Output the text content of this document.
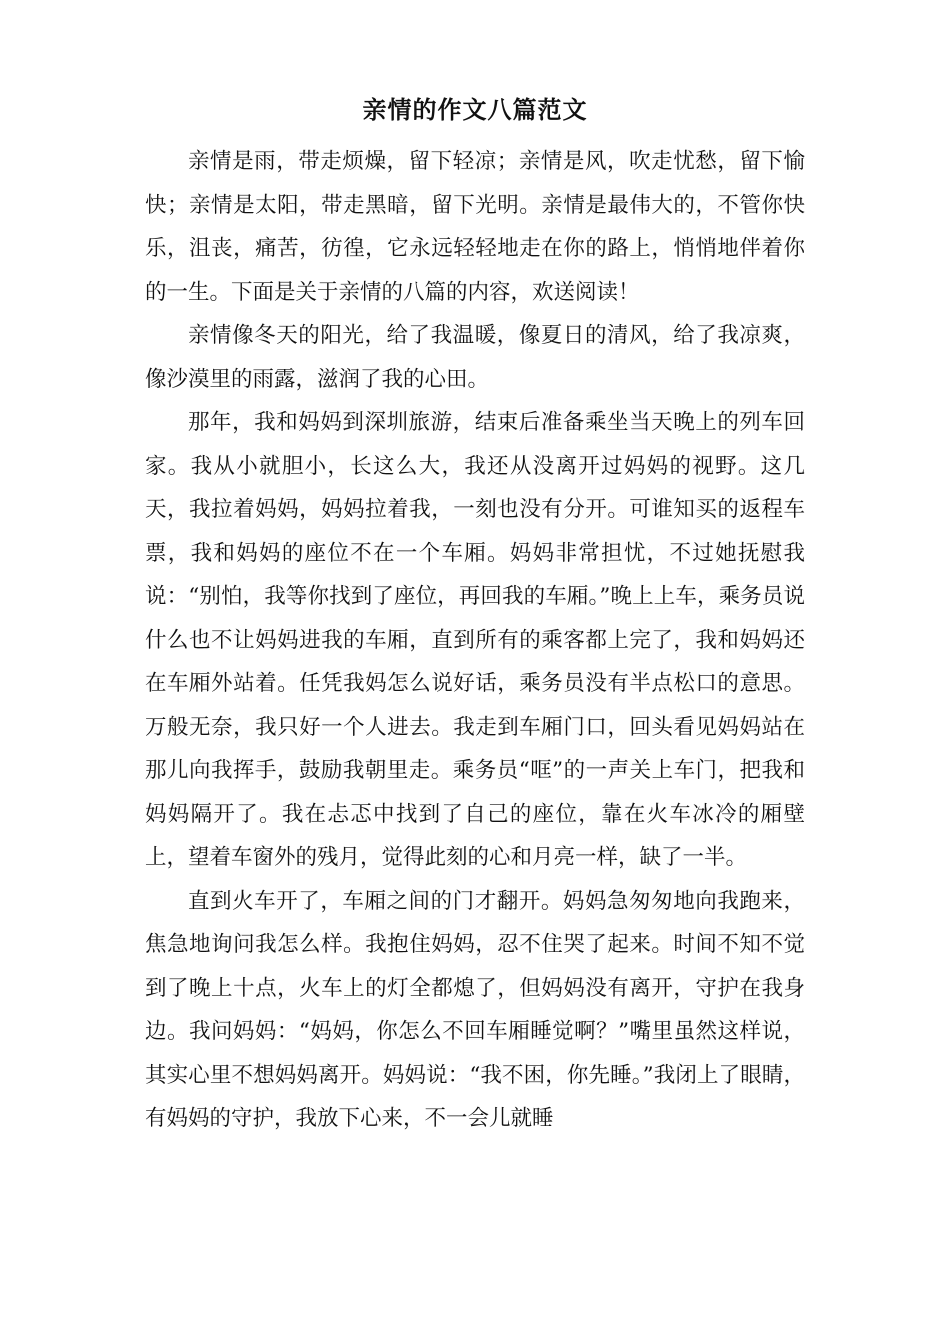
亲情的作文八篇范文

亲情是雨，带走烦燥，留下轻凉；亲情是风，吹走忧愁，留下愉快；亲情是太阳，带走黑暗，留下光明。亲情是最伟大的，不管你快乐，沮丧，痛苦，彷徨，它永远轻轻地走在你的路上，悄悄地伴着你的一生。下面是关于亲情的八篇的内容，欢送阅读！

亲情像冬天的阳光，给了我温暖，像夏日的清风，给了我凉爽，像沙漠里的雨露，滋润了我的心田。

那年，我和妈妈到深圳旅游，结束后准备乘坐当天晚上的列车回家。我从小就胆小，长这么大，我还从没离开过妈妈的视野。这几天，我拉着妈妈，妈妈拉着我，一刻也没有分开。可谁知买的返程车票，我和妈妈的座位不在一个车厢。妈妈非常担忧，不过她抚慰我说：“别怕，我等你找到了座位，再回我的车厢。”晚上上车，乘务员说什么也不让妈妈进我的车厢，直到所有的乘客都上完了，我和妈妈还在车厢外站着。任凭我妈怎么说好话，乘务员没有半点松口的意思。万般无奈，我只好一个人进去。我走到车厢门口，回头看见妈妈站在那儿向我挥手，鼓励我朝里走。乘务员“哐”的一声关上车门，把我和妈妈隔开了。我在忐忑中找到了自己的座位，靠在火车冰冷的厢壁上，望着车窗外的残月，觉得此刻的心和月亮一样，缺了一半。

直到火车开了，车厢之间的门才翻开。妈妈急匆匆地向我跑来，焦急地询问我怎么样。我抱住妈妈，忍不住哭了起来。时间不知不觉到了晚上十点，火车上的灯全都熄了，但妈妈没有离开，守护在我身边。我问妈妈：“妈妈，你怎么不回车厢睡觉啊？”嘴里虽然这样说，其实心里不想妈妈离开。妈妈说：“我不困，你先睡。”我闭上了眼睛，有妈妈的守护，我放下心来，不一会儿就睡
